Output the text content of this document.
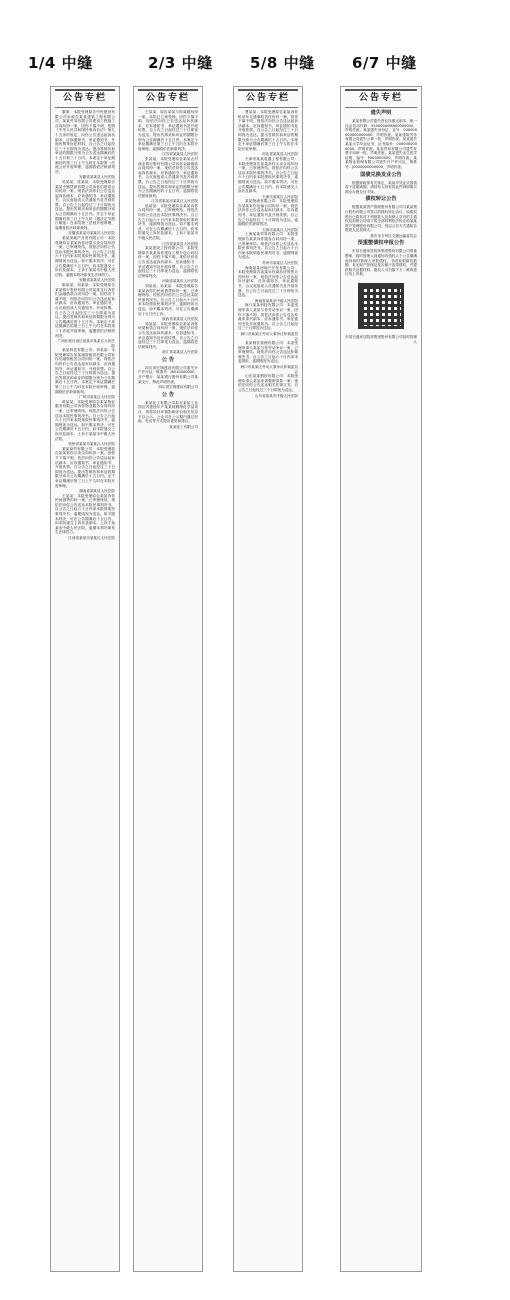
1/4 中缝	2/3 中缝 5/8 中缝 6/7 中缝
公告专栏

董事：本院受理原告中民建设有限公司诉被告某某建筑工程有限公司、某某劳务有限公司建设工程施工合同纠纷一案，因你下落不明，依照《中华人民共和国民事诉讼法》第九十五条的规定，向你公告送达起诉状副本、应诉通知书、举证通知书、开庭传票等诉讼材料。自公告之日起经过三十日即视为送达。提出答辩状和举证的期限分别为公告送达期满后的十五日和三十日内。本案定于举证期满后的第三日上午九时在本院第一法庭公开开庭审理，逾期将依法缺席判决。

安徽省某某县人民法院

吴某某、张某某：本院受理原告某某小额贷款有限公司诉你们借款合同纠纷一案，现依法向你们公告送达起诉状副本、应诉通知书、举证通知书、合议庭组成人员通知书及开庭传票。自公告之日起经过三十日即视为送达。提出答辩状和举证的期限分别为公告期满后十五日内。并定于举证期满后第三日上午九时（遇法定节假日顺延）在本院第三法庭开庭审理，逾期将依法缺席裁判。

安徽省某某市某某区人民法院

某某房地产开发有限公司：本院受理原告某某诉你房屋买卖合同纠纷一案，已审理终结。现依法向你公告送达本院民事判决书。自公告之日起六十日内来本院领取民事判决书，逾期则视为送达。如不服本判决，可在公告期满后十五日内，向本院递交上诉状及副本，上诉于某某市中级人民法院。逾期本判决即发生法律效力。

安徽省某某县人民法院

陈某某、刘某某：本院受理原告某某银行股份有限公司某某支行诉你们金融借款合同纠纷一案，因你们下落不明，现依法向你们公告送达起诉状副本、应诉通知书、举证通知书、合议庭组成人员通知书、开庭传票。自公告之日起经过三十日即视为送达。提出答辩状和举证的期限分别为公告期满后的十五日内。本案定于举证期满后的第三日上午九时在本院第二十法庭开庭审理，逾期将依法缺席判决。

广西壮族自治区某某市某某区人民法院

某某科技有限公司、李某某：本院受理原告某某融资租赁有限公司诉你们融资租赁合同纠纷一案，现依法向你们公告送达起诉状副本、应诉通知书、举证通知书、开庭传票。自公告之日起经过三十日即视为送达。提出答辩状和举证的期限分别为公告期满后十五日内。本案定于举证期满后第三日上午九时在本院开庭审理，逾期将依法缺席裁判。

广州市某某区人民法院

黄某某：本院受理原告某某物业服务有限公司诉你物业服务合同纠纷一案，已审理终结。现依法向你公告送达本院民事判决书。自公告之日起六十日内来本院领取民事判决书，逾期则视为送达。如不服本判决，可在公告期满后十五日内，向本院递交上诉状及副本，上诉于某某市中级人民法院。

贵州省某某市某某区人民法院

某某商贸有限公司：本院受理原告某某诉你买卖合同纠纷一案，因你方下落不明，依法向你公告送达起诉状副本、应诉通知书、举证通知书、开庭传票。自公告之日起经过三十日即视为送达。提出答辩状和举证的期限分别为公告期满后十五日内。定于举证期满后第三日上午九时在本院开庭审理。

湖南省某某县人民法院

王某某：本院受理原告某某诉你民间借贷纠纷一案，已审理终结。现依法向你公告送达本院民事判决书。自公告之日起六十日内来本院领取民事判决书，逾期则视为送达。如不服本判决，可在公告期满后十五日内，向本院递交上诉状及副本，上诉于某某市中级人民法院。逾期本判决即发生法律效力。

江西省某某市某某区人民法院
公告专栏

王某某：原告某某与你离婚纠纷一案，本院已立案受理。因你下落不明，现依法向你公告送达起诉状副本、应诉通知书、举证通知书及开庭传票。自公告之日起经过三十日即视为送达。提出答辩状和举证的期限分别为公告期满后十五日内。本案定于举证期满后第三日上午九时在本院开庭审理，逾期将依法缺席判决。

江苏省某某县人民法院

张某某：本院受理原告某某农村商业银行股份有限公司诉你金融借款合同纠纷一案，现依法向你公告送达起诉状副本、应诉通知书、举证通知书、合议庭组成人员通知书及开庭传票。自公告之日起经过三十日即视为送达。提出答辩状和举证的期限分别为公告期满后的十五日内。逾期将依法缺席裁判。

江苏省某某市某某区人民法院

赵某某：本院受理原告某某诉你合同纠纷一案，已审理终结。现依法向你公告送达本院民事判决书。自公告之日起六十日内来本院领取民事判决书，逾期则视为送达。如不服本判决，可在公告期满后十五日内，向本院递交上诉状及副本，上诉于某某市中级人民法院。

江苏省某某县人民法院

某某建设工程有限公司：本院受理原告某某诉你建设工程分包合同纠纷一案，因你下落不明，现依法向你公告送达起诉状副本、应诉通知书、举证通知书及开庭传票。自公告之日起经过三十日即视为送达。逾期将依法缺席判决。

河南省某某市人民法院

刘某某、孙某某：本院受理原告某某诉你们民间借贷纠纷一案，已审理终结。现依法向你们公告送达本院民事判决书。自公告之日起六十日内来本院领取民事判决书，逾期则视为送达。如不服本判决，可在公告期满后十五日内上诉。

陕西省某某县人民法院

周某某：本院受理原告某某诉你房屋租赁合同纠纷一案，现依法向你公告送达起诉状副本、应诉通知书、举证通知书及开庭传票。自公告之日起经过三十日即视为送达。逾期将依法缺席判决。

浙江省某某县人民法院
公 告

四川省宏图建设有限公司遗失开户许可证，核准号：J6510000000，开户银行：某某银行股份有限公司某某支行，特此声明作废。

四川省宏图建设有限公司
公 告

某某化工有限公司拟在某某工业园区内建设年产某某吨精细化学品项目，现将项目环境影响评价相关信息予以公示，公众可在公示期内通过信函、电话等方式提出意见和建议。

某某化工有限公司
公告专栏

曹某某：本院受理原告某某诉你机动车交通事故责任纠纷一案，因你下落不明，现依法向你公告送达起诉状副本、应诉通知书、举证通知书及开庭传票。自公告之日起经过三十日即视为送达。提出答辩状和举证的期限分别为公告期满后十五日内。本案定于举证期满后第三日上午九时在本院开庭审理。

河北省某某县人民法院

天津市某某电器工程有限公司：本院受理原告某某诉你买卖合同纠纷一案，已审理终结。现依法向你公告送达本院民事判决书。自公告之日起六十日内来本院领取民事判决书，逾期则视为送达。如不服本判决，可在公告期满后十五日内，向本院递交上诉状及副本。

天津市某某区人民法院

某某物流有限公司：本院受理原告某某诉你运输合同纠纷一案，现依法向你公告送达起诉状副本、应诉通知书、举证通知书及开庭传票。自公告之日起经过三十日即视为送达。逾期将依法缺席判决。

天津市某某区人民法院

上海某某贸易有限公司：本院受理原告某某诉你服务合同纠纷一案，已审理终结。现依法向你公告送达本院民事判决书。自公告之日起六十日内来本院领取民事判决书，逾期则视为送达。

苏州市某某区人民法院

海南某某房地产开发有限公司：本院受理原告某某诉你商品房预售合同纠纷一案，现依法向你公告送达起诉状副本、应诉通知书、举证通知书、合议庭组成人员通知书及开庭传票。自公告之日起经过三十日即视为送达。

海南省某某市中级人民法院

海口某某科技有限公司：本委受理申请人某某与你劳动争议一案，因你下落不明，现依法向你公告送达仲裁申请书副本、应诉通知书、举证通知书及开庭通知书。自公告之日起经过三十日即视为送达。

海口市某某区劳动人事争议仲裁委员会

某某餐饮管理有限公司：本委受理申请人某某与你劳动争议一案，已审理终结。现依法向你公告送达仲裁裁决书。自公告之日起六十日内来本委领取，逾期则视为送达。

海口市某某区劳动人事争议仲裁委员会

山东某某钢铁有限公司：本院受理申请人某某申请强制清算一案，现依法向你公告送达相关法律文书。自公告之日起经过三十日即视为送达。

山东省某某市中级人民法院
公告专栏
遗失声明

某某有限公司遗失营业执照正副本，统一社会信用代码：91000000MA00000000，声明作废。某某遗失身份证，证号：000000000000000000，声明作废。某某建筑劳务有限公司遗失公章一枚，声明作废。某某遗失某某大学毕业证书，证书编号：0000000000000，声明作废。某某贸易有限公司遗失发票专用章一枚，声明作废。某某遗失出生医学证明，编号：P000000000，声明作废。某某物业管理有限公司遗失开户许可证，核准号：J0000000000000，声明作废。

国债兑换发业公告

根据财政部有关规定，某某年凭证式国债将于近期到期，请持有人持有效证件到原购买网点办理兑付手续。

债权转让公告

根据某某资产管理股份有限公司与某某银行股份有限公司签订的债权转让协议，原债权银行已将其对下列借款人及担保人享有的主债权及担保合同项下的全部权利依法转让给某某资产管理股份有限公司，现以公告方式通知各借款人及担保人。

重庆市万州区交通运输委员会
预重整债权申报公告

东易日盛家居装饰集团股份有限公司预重整案，临时管理人现通知各债权人于公告期满前向临时管理人申报债权，书面说明债权数额、有无财产担保及是否属于连带债权，并提供相关证据材料。债权人可扫描下方二维码进行线上申报。

东易日盛家居装饰集团股份有限公司临时管理人
